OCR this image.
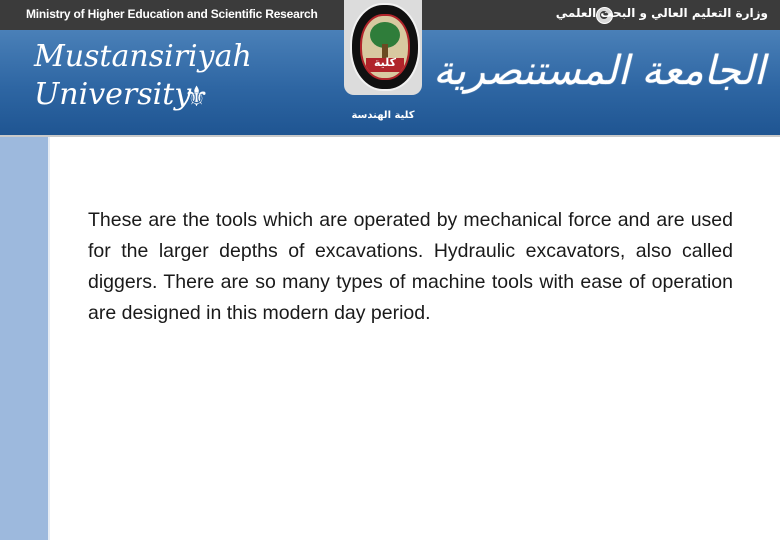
Ministry of Higher Education and Scientific Research	وزارة التعليم العالي و البحث العلمي
Mustansiriyah
University
⚜
الجامعة المستنصرية
كلية
كلية الهندسة
These are the tools which are operated by mechanical force and are used for the larger depths of excavations. Hydraulic excavators, also called diggers. There are so many types of machine tools with ease of operation are designed in this modern day period.
